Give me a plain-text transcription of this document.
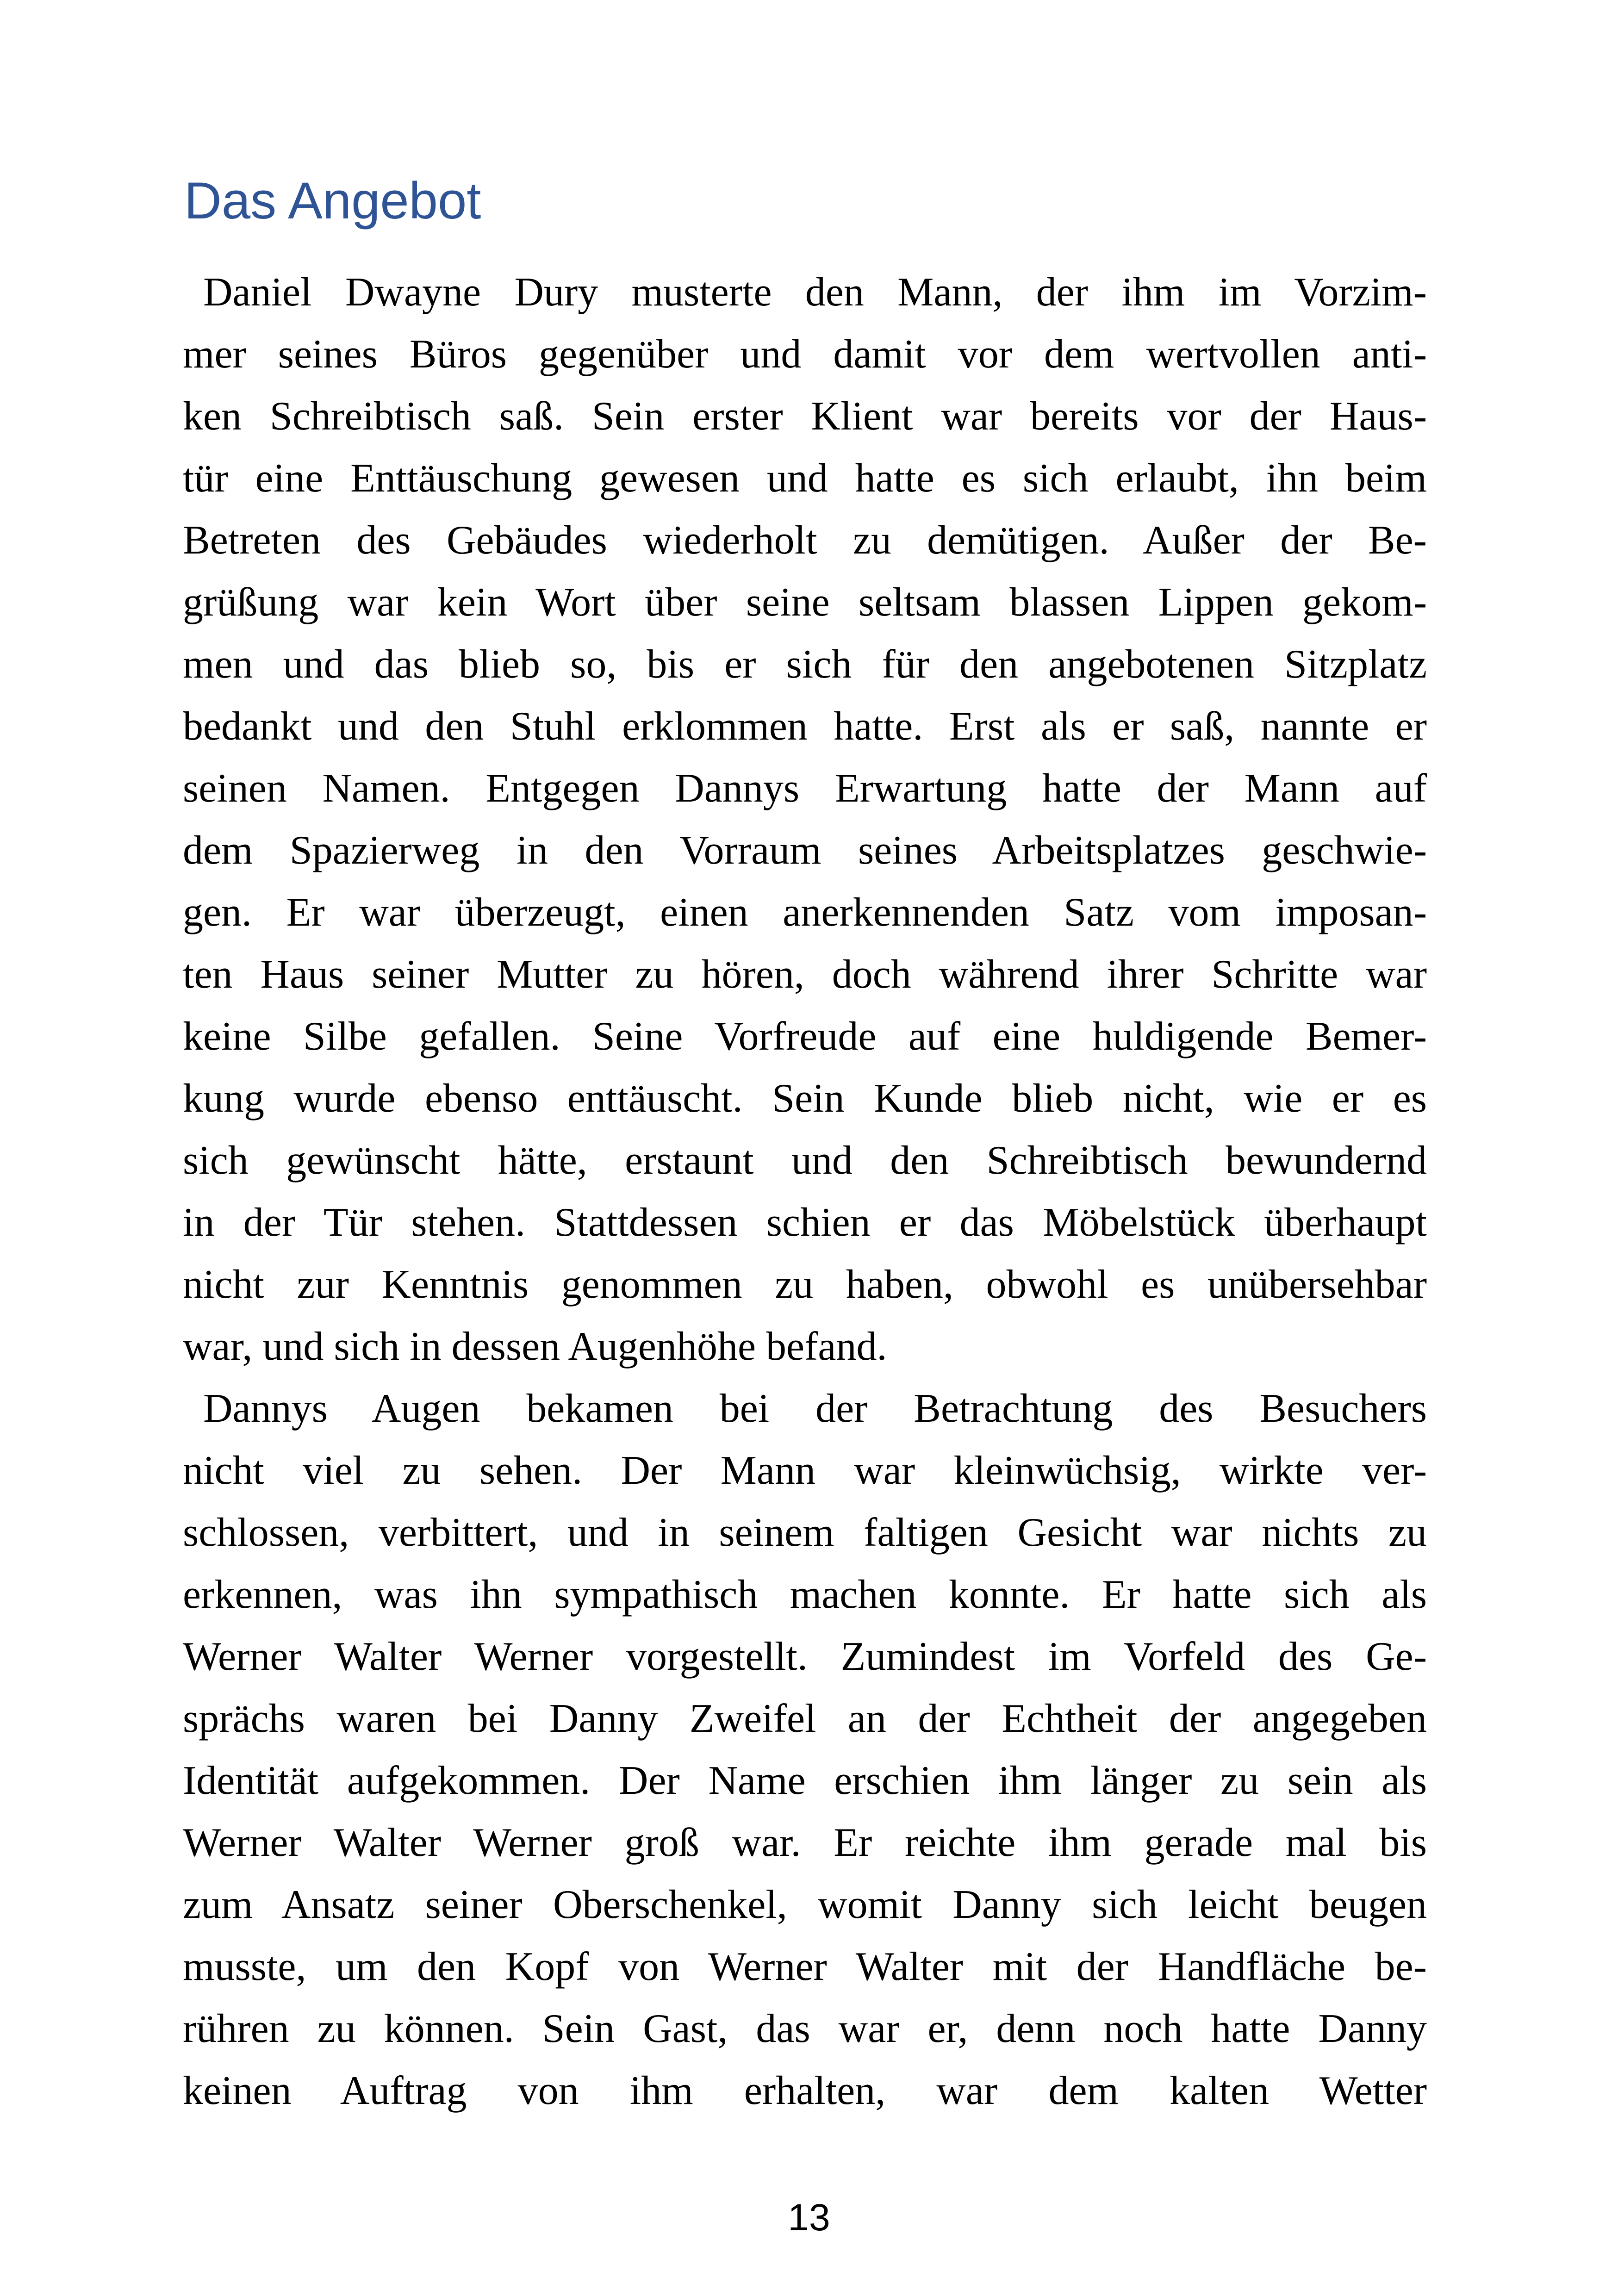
Das Angebot
Daniel Dwayne Dury musterte den Mann, der ihm im Vorzim-
mer seines Büros gegenüber und damit vor dem wertvollen anti-
ken Schreibtisch saß. Sein erster Klient war bereits vor der Haus-
tür eine Enttäuschung gewesen und hatte es sich erlaubt, ihn beim
Betreten des Gebäudes wiederholt zu demütigen. Außer der Be-
grüßung war kein Wort über seine seltsam blassen Lippen gekom-
men und das blieb so, bis er sich für den angebotenen Sitzplatz
bedankt und den Stuhl erklommen hatte. Erst als er saß, nannte er
seinen Namen. Entgegen Dannys Erwartung hatte der Mann auf
dem Spazierweg in den Vorraum seines Arbeitsplatzes geschwie-
gen. Er war überzeugt, einen anerkennenden Satz vom imposan-
ten Haus seiner Mutter zu hören, doch während ihrer Schritte war
keine Silbe gefallen. Seine Vorfreude auf eine huldigende Bemer-
kung wurde ebenso enttäuscht. Sein Kunde blieb nicht, wie er es
sich gewünscht hätte, erstaunt und den Schreibtisch bewundernd
in der Tür stehen. Stattdessen schien er das Möbelstück überhaupt
nicht zur Kenntnis genommen zu haben, obwohl es unübersehbar
war, und sich in dessen Augenhöhe befand.
Dannys Augen bekamen bei der Betrachtung des Besuchers
nicht viel zu sehen. Der Mann war kleinwüchsig, wirkte ver-
schlossen, verbittert, und in seinem faltigen Gesicht war nichts zu
erkennen, was ihn sympathisch machen konnte. Er hatte sich als
Werner Walter Werner vorgestellt. Zumindest im Vorfeld des Ge-
sprächs waren bei Danny Zweifel an der Echtheit der angegeben
Identität aufgekommen. Der Name erschien ihm länger zu sein als
Werner Walter Werner groß war. Er reichte ihm gerade mal bis
zum Ansatz seiner Oberschenkel, womit Danny sich leicht beugen
musste, um den Kopf von Werner Walter mit der Handfläche be-
rühren zu können. Sein Gast, das war er, denn noch hatte Danny
keinen Auftrag von ihm erhalten, war dem kalten Wetter
13
